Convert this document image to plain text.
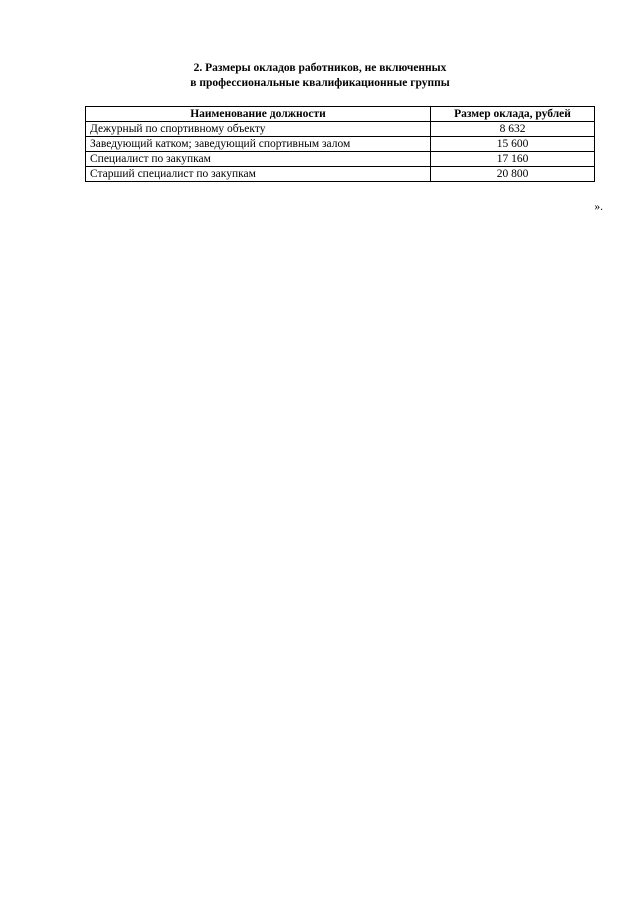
2. Размеры окладов работников, не включенных
в профессиональные квалификационные группы
Наименование должности	Размер оклада, рублей
Дежурный по спортивному объекту	8 632
Заведующий катком; заведующий спортивным залом	15 600
Специалист по закупкам	17 160
Старший специалист по закупкам	20 800
».
